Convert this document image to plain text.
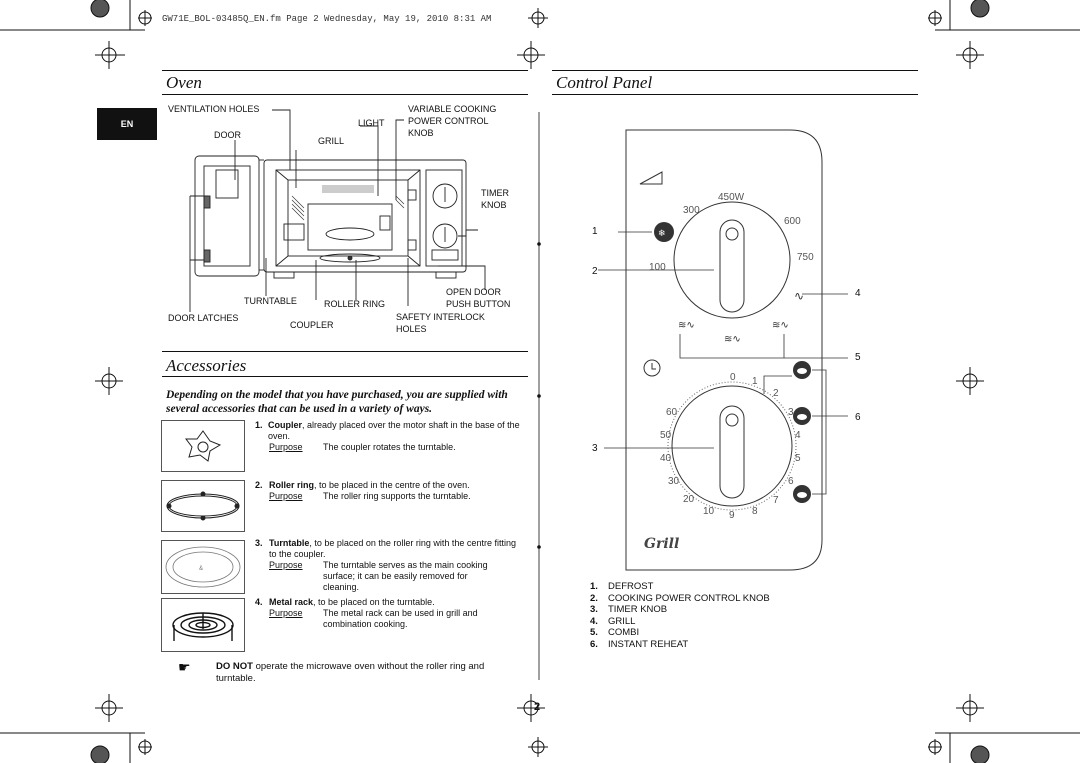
GW71E_BOL-03485Q_EN.fm Page 2 Wednesday, May 19, 2010 8:31 AM
EN
Oven
VENTILATION HOLES
LIGHT
VARIABLE COOKING
POWER CONTROL
KNOB
DOOR
GRILL
TIMER
KNOB
TURNTABLE	ROLLER RING
OPEN DOOR
PUSH BUTTON
DOOR LATCHES
COUPLER
SAFETY INTERLOCK
HOLES
Accessories
Depending on the model that you have purchased, you are supplied with several accessories that can be used in a variety of ways.
&
1. Coupler, already placed over the motor shaft in the base of the oven.
Purpose	The coupler rotates the turntable.
2. Roller ring, to be placed in the centre of the oven.
Purpose	The roller ring supports the turntable.
3. Turntable, to be placed on the roller ring with the centre fitting to the coupler.
Purpose	The turntable serves as the main cooking surface; it can be easily removed for cleaning.
4. Metal rack, to be placed on the turntable.
Purpose	The metal rack can be used in grill and combination cooking.
☛	DO NOT operate the microwave oven without the roller ring and turntable.
Control Panel
❄
∿
≋∿
≋∿
≋∿
450W
300
600
750
100
0 1
2
3
4
5
6
7
8
9
10
20
30
40
50
60
1
2
3
4
5
6
Grill
1. DEFROST
2. COOKING POWER CONTROL KNOB
3. TIMER KNOB
4. GRILL
5. COMBI
6. INSTANT REHEAT
2
